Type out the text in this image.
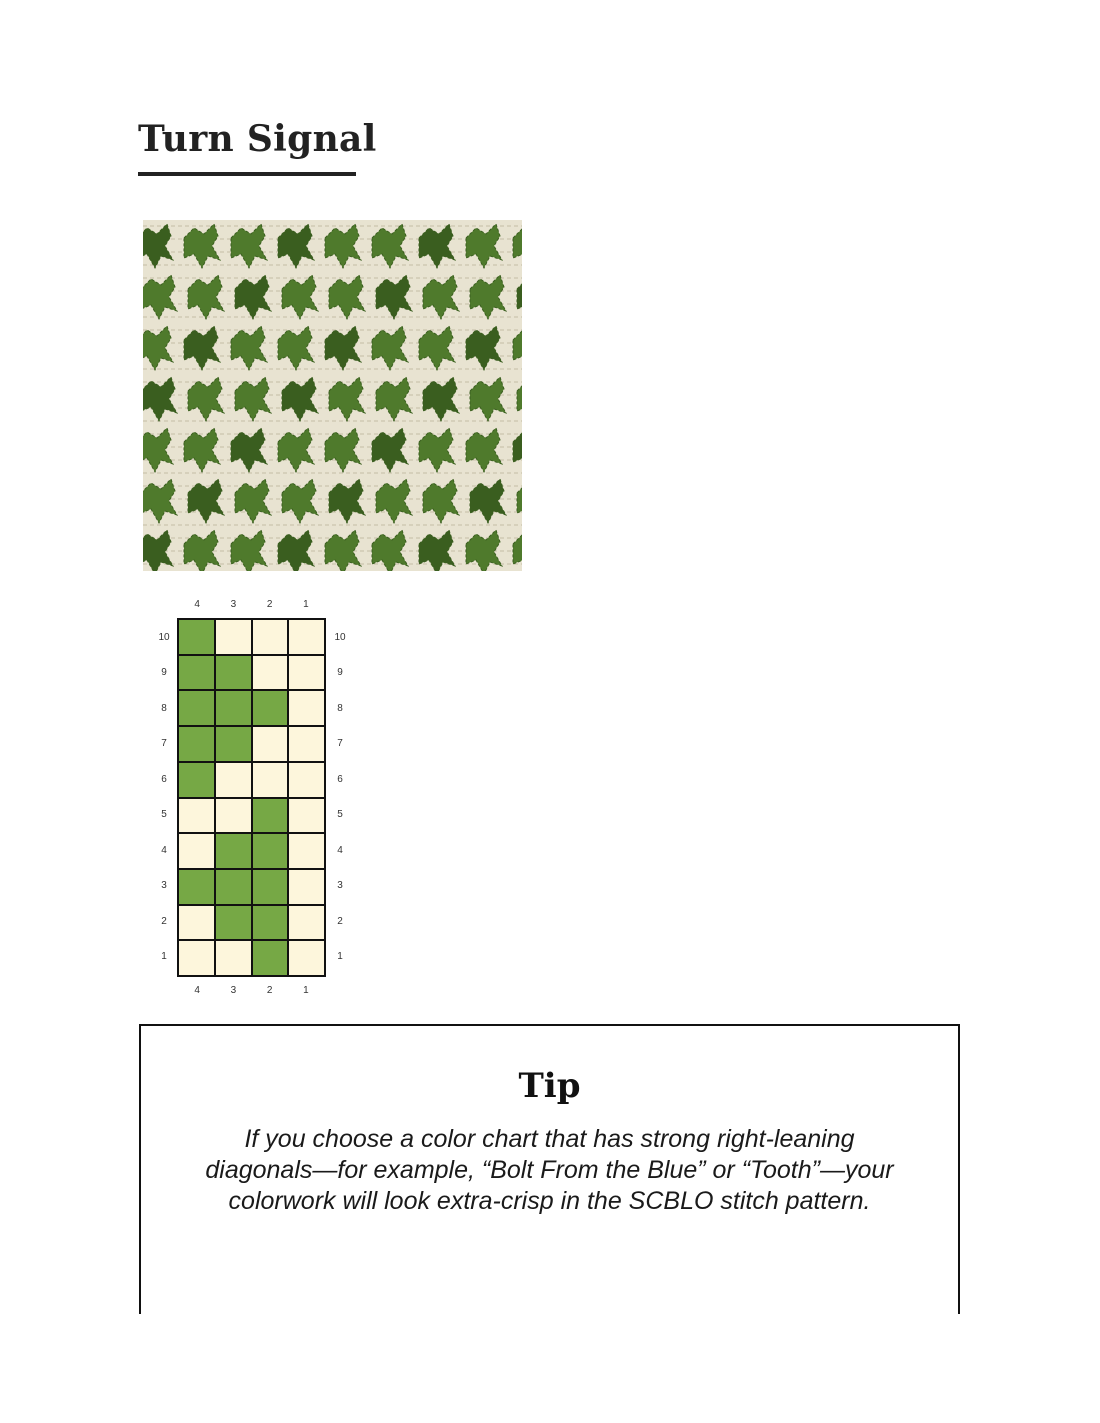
Turn Signal
4	3	2	1
10
9
8
7
6
5
4
3
2
1
10
9
8
7
6
5
4
3
2
1
4	3	2	1
Tip

If you choose a color chart that has strong right-leaning diagonals—for example, “Bolt From the Blue” or “Tooth”—your colorwork will look extra-crisp in the SCBLO stitch pattern.
